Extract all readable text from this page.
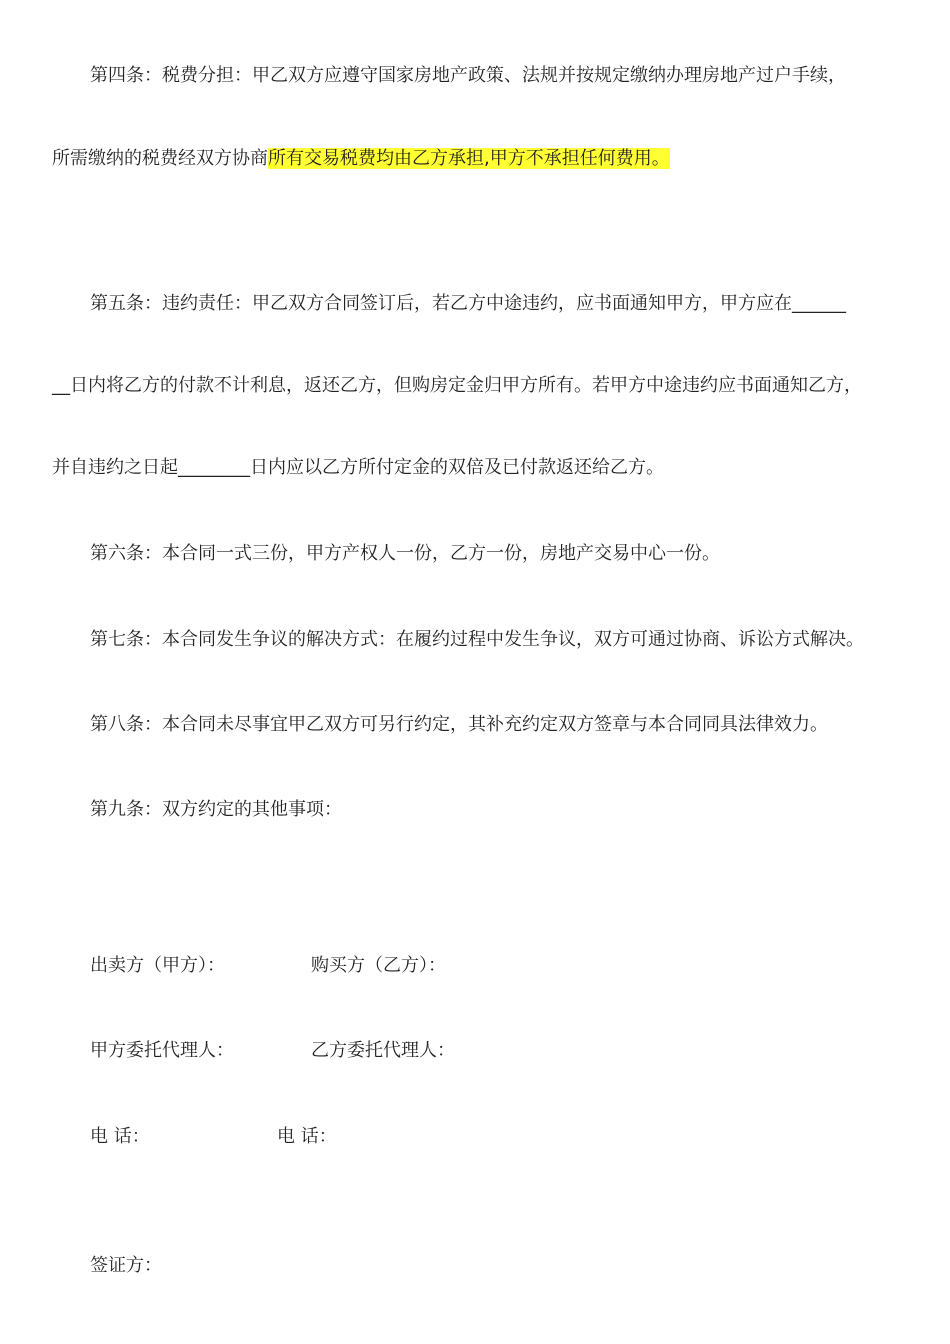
第四条：税费分担：甲乙双方应遵守国家房地产政策、法规并按规定缴纳办理房地产过户手续，
所需缴纳的税费经双方协商所有交易税费均由乙方承担,甲方不承担任何费用。
第五条：违约责任：甲乙双方合同签订后，若乙方中途违约，应书面通知甲方，甲方应在______
__日内将乙方的付款不计利息，返还乙方，但购房定金归甲方所有。若甲方中途违约应书面通知乙方，
并自违约之日起________日内应以乙方所付定金的双倍及已付款返还给乙方。
第六条：本合同一式三份，甲方产权人一份，乙方一份，房地产交易中心一份。
第七条：本合同发生争议的解决方式：在履约过程中发生争议，双方可通过协商、诉讼方式解决。
第八条：本合同未尽事宜甲乙双方可另行约定，其补充约定双方签章与本合同同具法律效力。
第九条：双方约定的其他事项：
出卖方（甲方）：	购买方（乙方）：
甲方委托代理人：	乙方委托代理人：
电 话：	电 话：
签证方：
